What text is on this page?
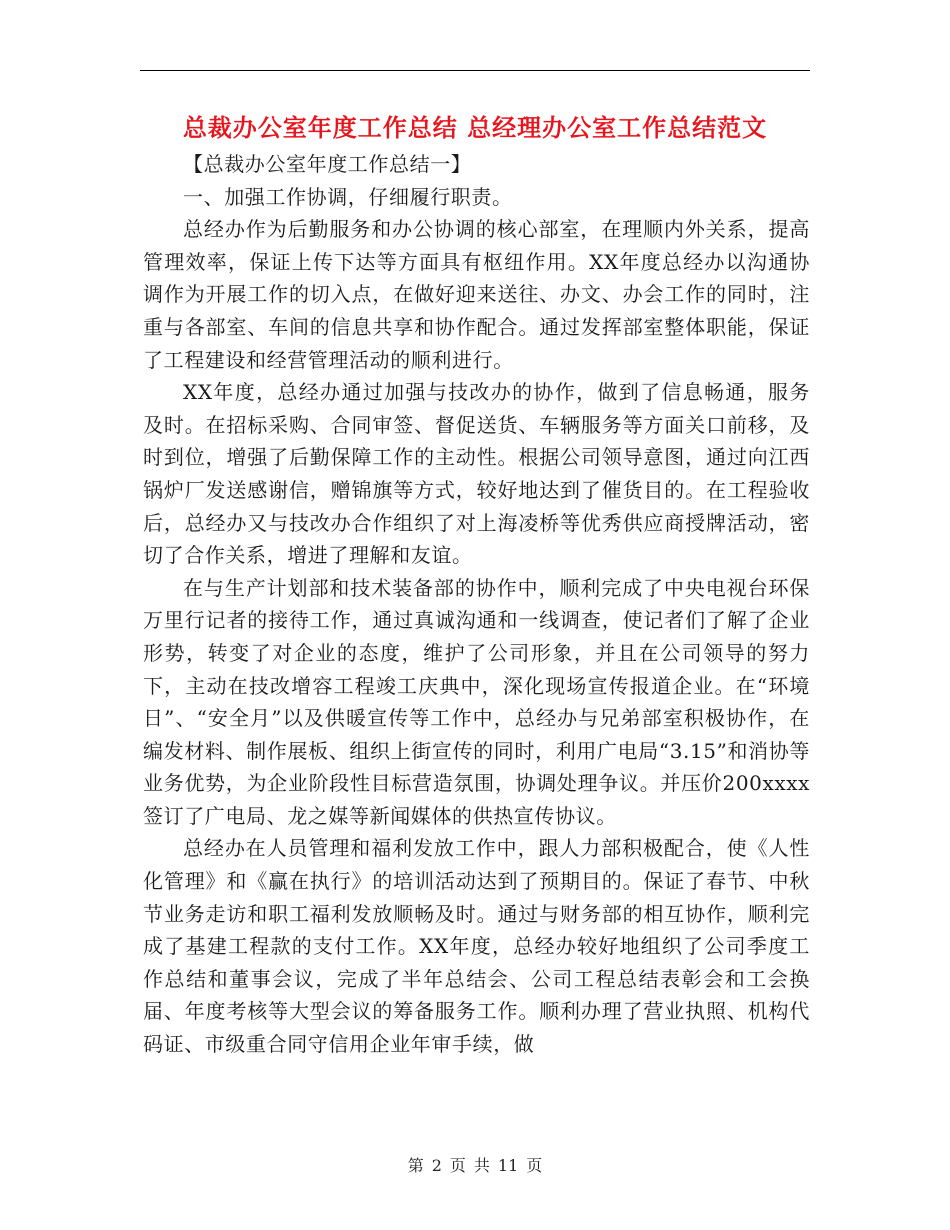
总裁办公室年度工作总结 总经理办公室工作总结范文

【总裁办公室年度工作总结一】

一、加强工作协调，仔细履行职责。

总经办作为后勤服务和办公协调的核心部室，在理顺内外关系，提高管理效率，保证上传下达等方面具有枢纽作用。XX年度总经办以沟通协调作为开展工作的切入点，在做好迎来送往、办文、办会工作的同时，注重与各部室、车间的信息共享和协作配合。通过发挥部室整体职能，保证了工程建设和经营管理活动的顺利进行。

XX年度，总经办通过加强与技改办的协作，做到了信息畅通，服务及时。在招标采购、合同审签、督促送货、车辆服务等方面关口前移，及时到位，增强了后勤保障工作的主动性。根据公司领导意图，通过向江西锅炉厂发送感谢信，赠锦旗等方式，较好地达到了催货目的。在工程验收后，总经办又与技改办合作组织了对上海凌桥等优秀供应商授牌活动，密切了合作关系，增进了理解和友谊。

在与生产计划部和技术装备部的协作中，顺利完成了中央电视台环保万里行记者的接待工作，通过真诚沟通和一线调查，使记者们了解了企业形势，转变了对企业的态度，维护了公司形象，并且在公司领导的努力下，主动在技改增容工程竣工庆典中，深化现场宣传报道企业。在“环境日”、“安全月”以及供暖宣传等工作中，总经办与兄弟部室积极协作，在编发材料、制作展板、组织上街宣传的同时，利用广电局“3.15”和消协等业务优势，为企业阶段性目标营造氛围，协调处理争议。并压价200xxxx签订了广电局、龙之媒等新闻媒体的供热宣传协议。

总经办在人员管理和福利发放工作中，跟人力部积极配合，使《人性化管理》和《赢在执行》的培训活动达到了预期目的。保证了春节、中秋节业务走访和职工福利发放顺畅及时。通过与财务部的相互协作，顺利完成了基建工程款的支付工作。XX年度，总经办较好地组织了公司季度工作总结和董事会议，完成了半年总结会、公司工程总结表彰会和工会换届、年度考核等大型会议的筹备服务工作。顺利办理了营业执照、机构代码证、市级重合同守信用企业年审手续，做

第 2 页 共 11 页
